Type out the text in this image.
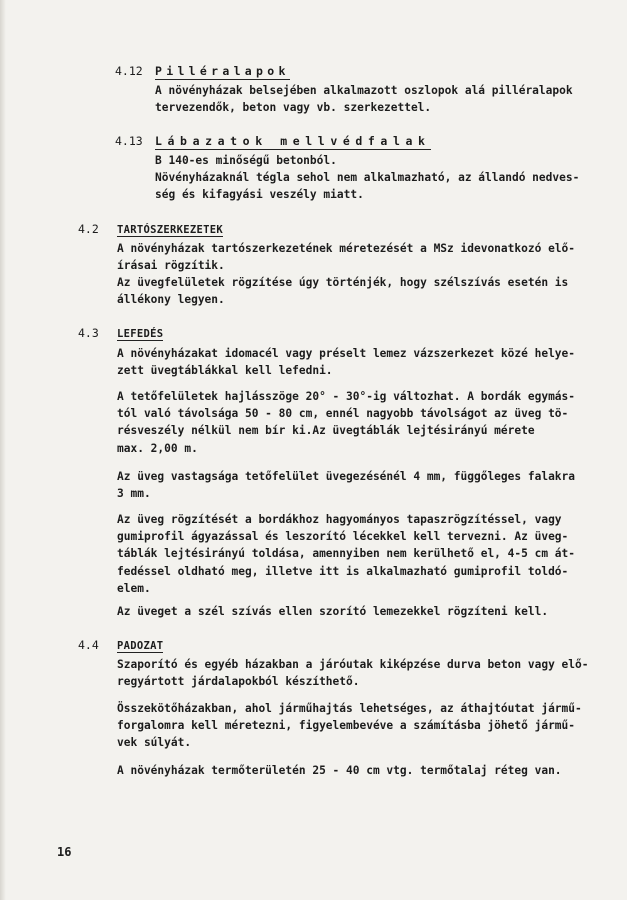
4.12 Pilléralapok
A növényházak belsejében alkalmazott oszlopok alá pilléralapok
tervezendők, beton vagy vb. szerkezettel.
4.13 Lábazatok mellvédfalak
B 140-es minőségű betonból.
Növényházaknál tégla sehol nem alkalmazható, az állandó nedves-
ség és kifagyási veszély miatt.
4.2 TARTÓSZERKEZETEK
A növényházak tartószerkezetének méretezését a MSz idevonatkozó elő-
írásai rögzítik.
Az üvegfelületek rögzítése úgy történjék, hogy szélszívás esetén is
állékony legyen.
4.3 LEFEDÉS
A növényházakat idomacél vagy préselt lemez vázszerkezet közé helye-
zett üvegtáblákkal kell lefedni.
A tetőfelületek hajlásszöge 20° - 30°-ig változhat. A bordák egymás-
tól való távolsága 50 - 80 cm, ennél nagyobb távolságot az üveg tö-
résveszély nélkül nem bír ki.Az üvegtáblák lejtésirányú mérete
max. 2,00 m.
Az üveg vastagsága tetőfelület üvegezésénél 4 mm, függőleges falakra
3 mm.
Az üveg rögzítését a bordákhoz hagyományos tapaszrögzítéssel, vagy
gumiprofil ágyazással és leszorító lécekkel kell tervezni. Az üveg-
táblák lejtésirányú toldása, amennyiben nem kerülhető el, 4-5 cm át-
fedéssel oldható meg, illetve itt is alkalmazható gumiprofil toldó-
elem.
Az üveget a szél szívás ellen szorító lemezekkel rögzíteni kell.
4.4 PADOZAT
Szaporító és egyéb házakban a járóutak kiképzése durva beton vagy elő-
regyártott járdalapokból készíthető.
Összekötőházakban, ahol járműhajtás lehetséges, az áthajtóutat jármű-
forgalomra kell méretezni, figyelembevéve a számításba jöhető jármű-
vek súlyát.
A növényházak termőterületén 25 - 40 cm vtg. termőtalaj réteg van.
16
